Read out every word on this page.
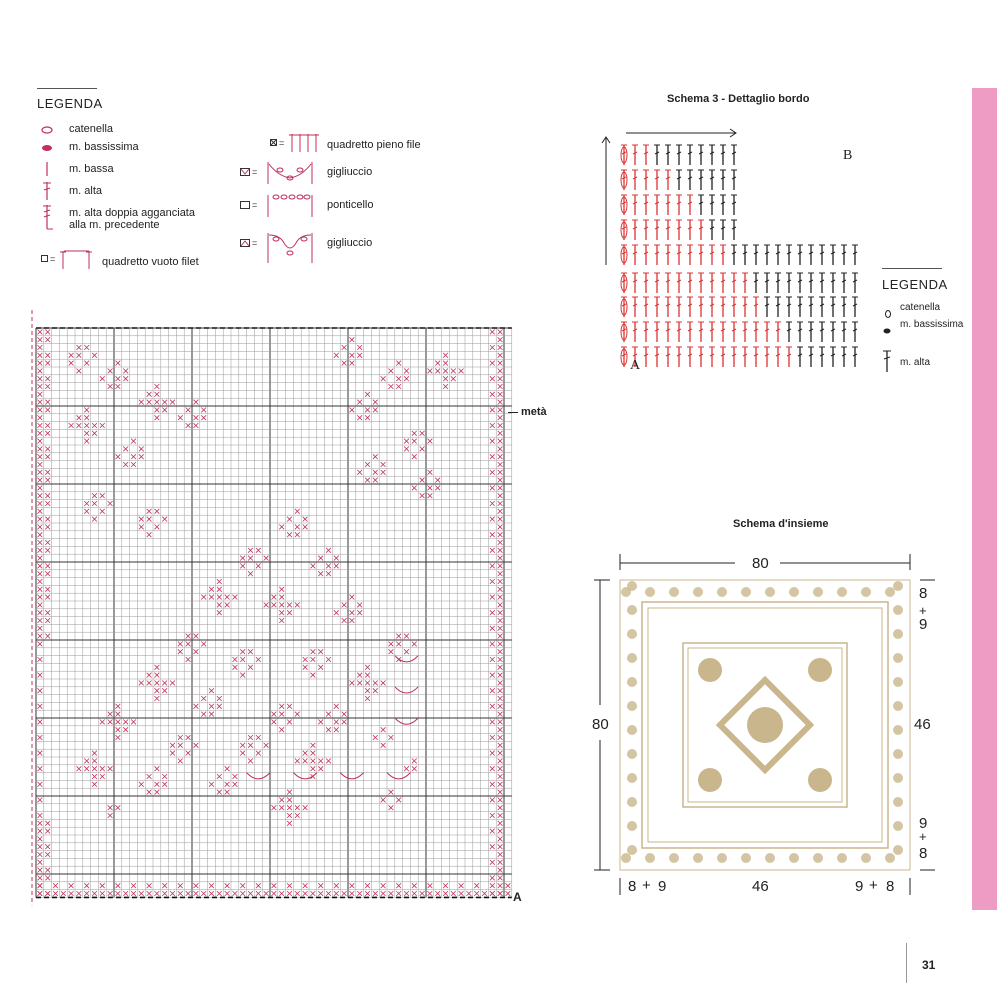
LEGENDA
catenella
m. bassissima
m. bassa
m. alta
m. alta doppia agganciata
alla m. precedente
=	quadretto vuoto filet
=	quadretto pieno file
=	gigliuccio
=	ponticello
=	gigliuccio
metà
A
Schema 3 - Dettaglio bordo
B
A
LEGENDA
catenella
m. bassissima
m. alta
Schema d'insieme
80
80
8
+
9
46
9
+
8
8 + 9	46	9 + 8
31
